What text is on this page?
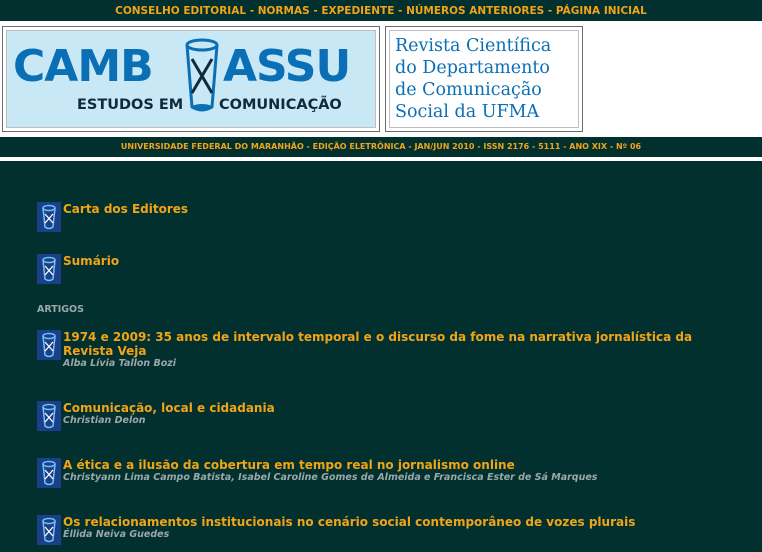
CONSELHO EDITORIAL - NORMAS - EXPEDIENTE - NÚMEROS ANTERIORES - PÁGINA INICIAL
CAMB ASSU
ESTUDOS EM COMUNICAÇÃO
Revista Científica
do Departamento
de Comunicação
Social da UFMA
UNIVERSIDADE FEDERAL DO MARANHÃO - EDIÇÃO ELETRÔNICA - JAN/JUN 2010 - ISSN 2176 - 5111 - ANO XIX - Nº 06
Carta dos Editores
Sumário
ARTIGOS
1974 e 2009: 35 anos de intervalo temporal e o discurso da fome na narrativa jornalística da Revista Veja
Alba Lívia Tallon Bozi
Comunicação, local e cidadania
Christian Delon
A ética e a ilusão da cobertura em tempo real no jornalismo online
Christyann Lima Campo Batista, Isabel Caroline Gomes de Almeida e Francisca Ester de Sá Marques
Os relacionamentos institucionais no cenário social contemporâneo de vozes plurais
Éllida Neiva Guedes
